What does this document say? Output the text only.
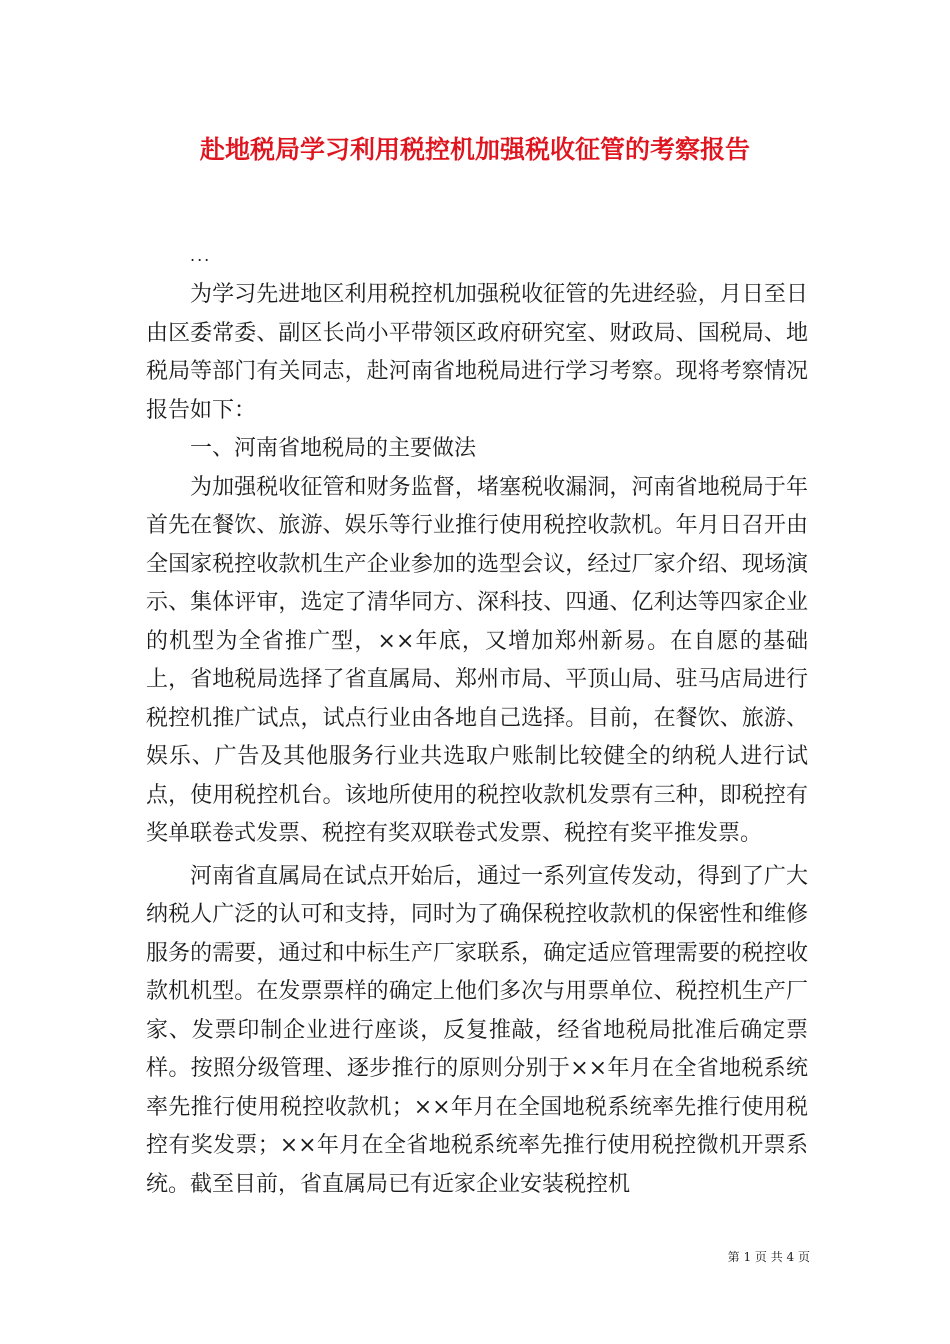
赴地税局学习利用税控机加强税收征管的考察报告
...

为学习先进地区利用税控机加强税收征管的先进经验，月日至日由区委常委、副区长尚小平带领区政府研究室、财政局、国税局、地税局等部门有关同志，赴河南省地税局进行学习考察。现将考察情况报告如下：

一、河南省地税局的主要做法

为加强税收征管和财务监督，堵塞税收漏洞，河南省地税局于年首先在餐饮、旅游、娱乐等行业推行使用税控收款机。年月日召开由全国家税控收款机生产企业参加的选型会议，经过厂家介绍、现场演示、集体评审，选定了清华同方、深科技、四通、亿利达等四家企业的机型为全省推广型，××年底，又增加郑州新易。在自愿的基础上，省地税局选择了省直属局、郑州市局、平顶山局、驻马店局进行税控机推广试点，试点行业由各地自己选择。目前，在餐饮、旅游、娱乐、广告及其他服务行业共选取户账制比较健全的纳税人进行试点，使用税控机台。该地所使用的税控收款机发票有三种，即税控有奖单联卷式发票、税控有奖双联卷式发票、税控有奖平推发票。

河南省直属局在试点开始后，通过一系列宣传发动，得到了广大纳税人广泛的认可和支持，同时为了确保税控收款机的保密性和维修服务的需要，通过和中标生产厂家联系，确定适应管理需要的税控收款机机型。在发票票样的确定上他们多次与用票单位、税控机生产厂家、发票印制企业进行座谈，反复推敲，经省地税局批准后确定票样。按照分级管理、逐步推行的原则分别于××年月在全省地税系统率先推行使用税控收款机；××年月在全国地税系统率先推行使用税控有奖发票；××年月在全省地税系统率先推行使用税控微机开票系统。截至目前，省直属局已有近家企业安装税控机

第 1 页 共 4 页
